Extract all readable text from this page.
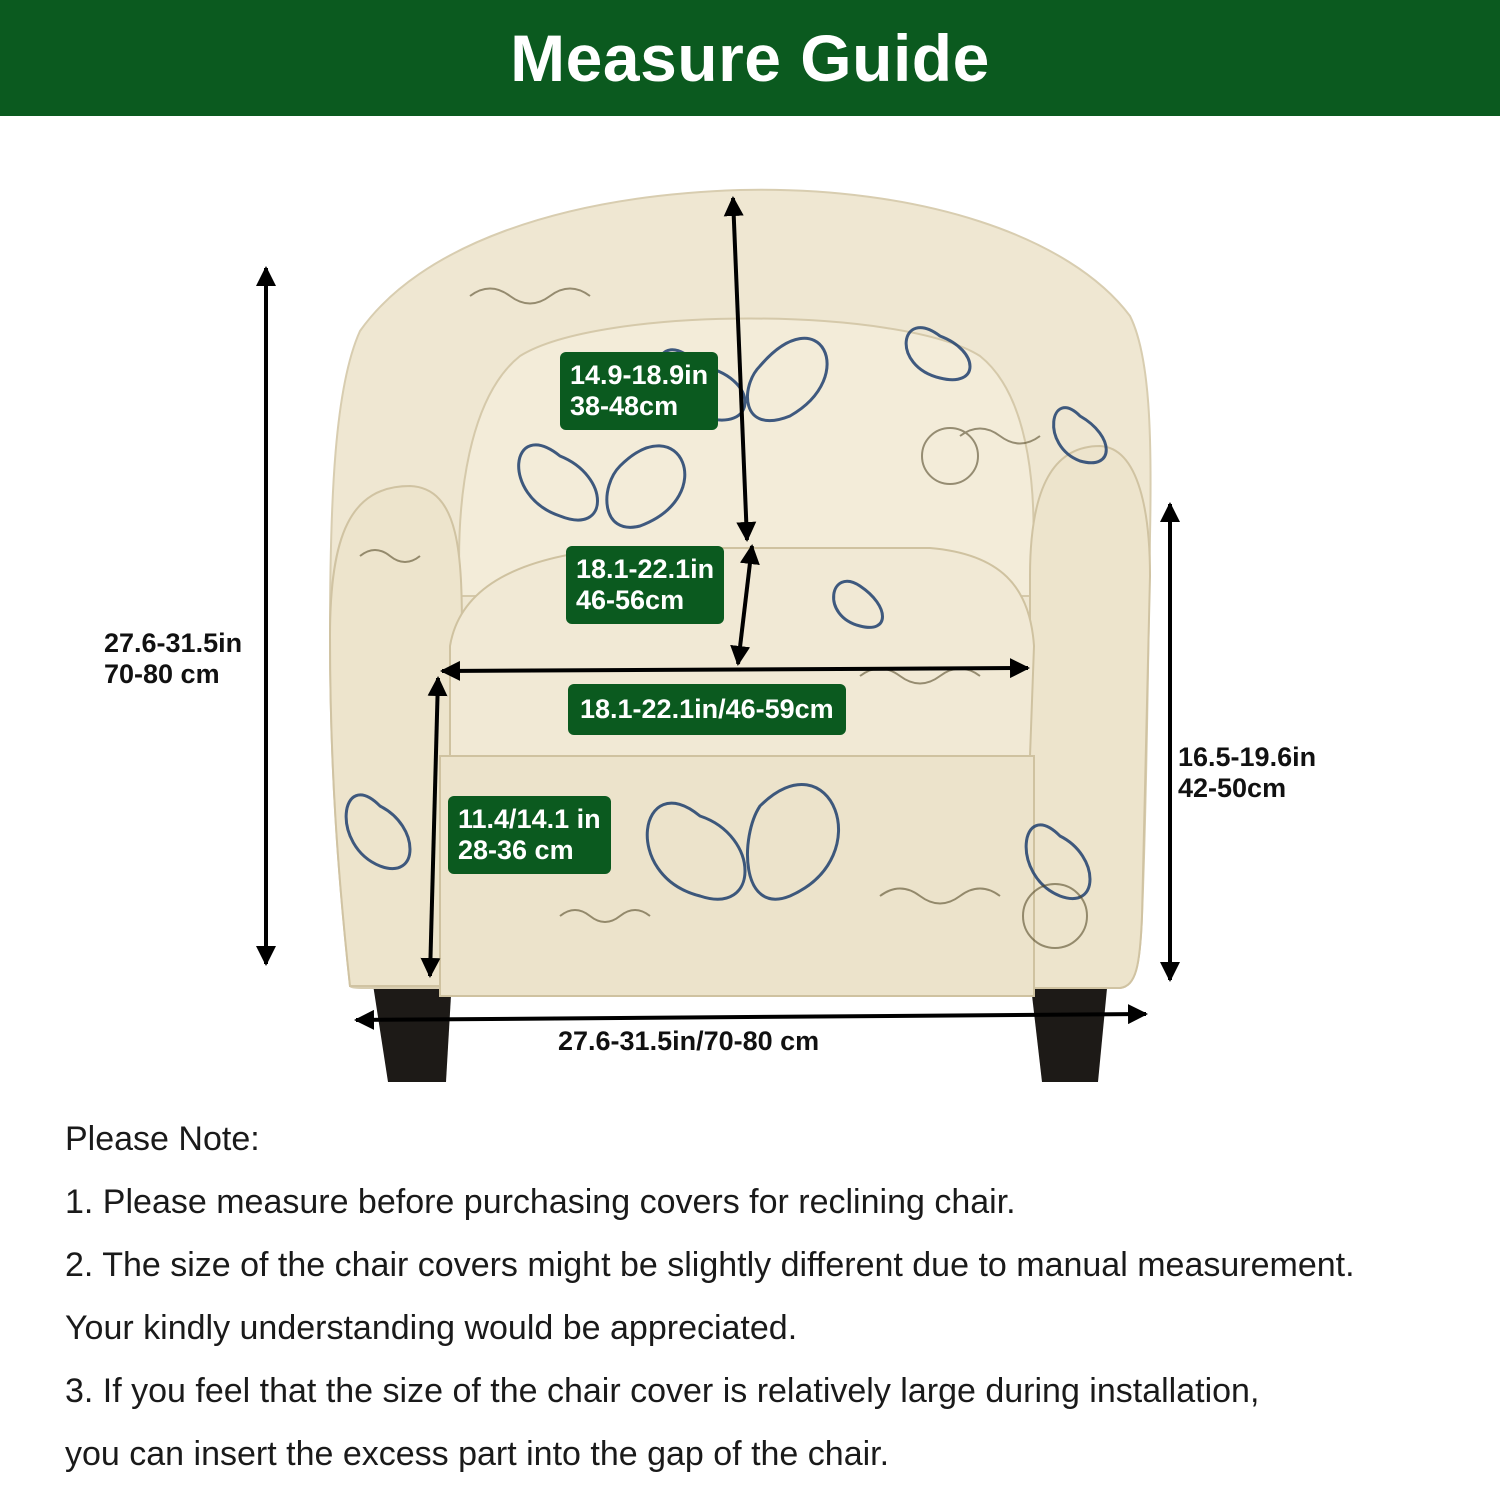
Measure Guide
14.9-18.9in
38-48cm
18.1-22.1in
46-56cm
18.1-22.1in/46-59cm
11.4/14.1 in
28-36 cm
27.6-31.5in
70-80 cm
16.5-19.6in
42-50cm
27.6-31.5in/70-80 cm

Please Note:

1. Please measure before purchasing covers for reclining chair.

2. The size of the chair covers might be slightly different due to manual measurement.

Your kindly understanding would be appreciated.

3. If you feel that the size of the chair cover is relatively large during installation,

you can insert the excess part into the gap of the chair.
